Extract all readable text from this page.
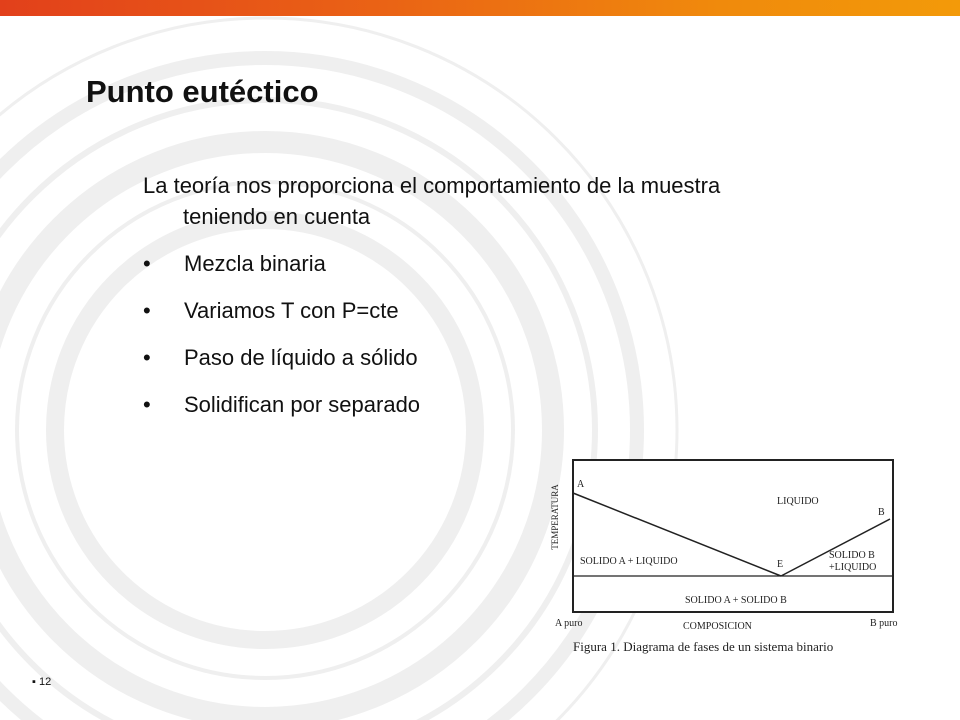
Punto eutéctico

La teoría nos proporciona el comportamiento de la muestra teniendo en cuenta

• Mezcla binaria
• Variamos T con P=cte
• Paso de líquido a sólido
• Solidifican por separado
TEMPERATURA A
B
E
LIQUIDO
SOLIDO A + LIQUIDO
SOLIDO B
+LIQUIDO
SOLIDO A + SOLIDO B
A puro	COMPOSICION	B puro
Figura 1. Diagrama de fases de un sistema binario
▪ 12
